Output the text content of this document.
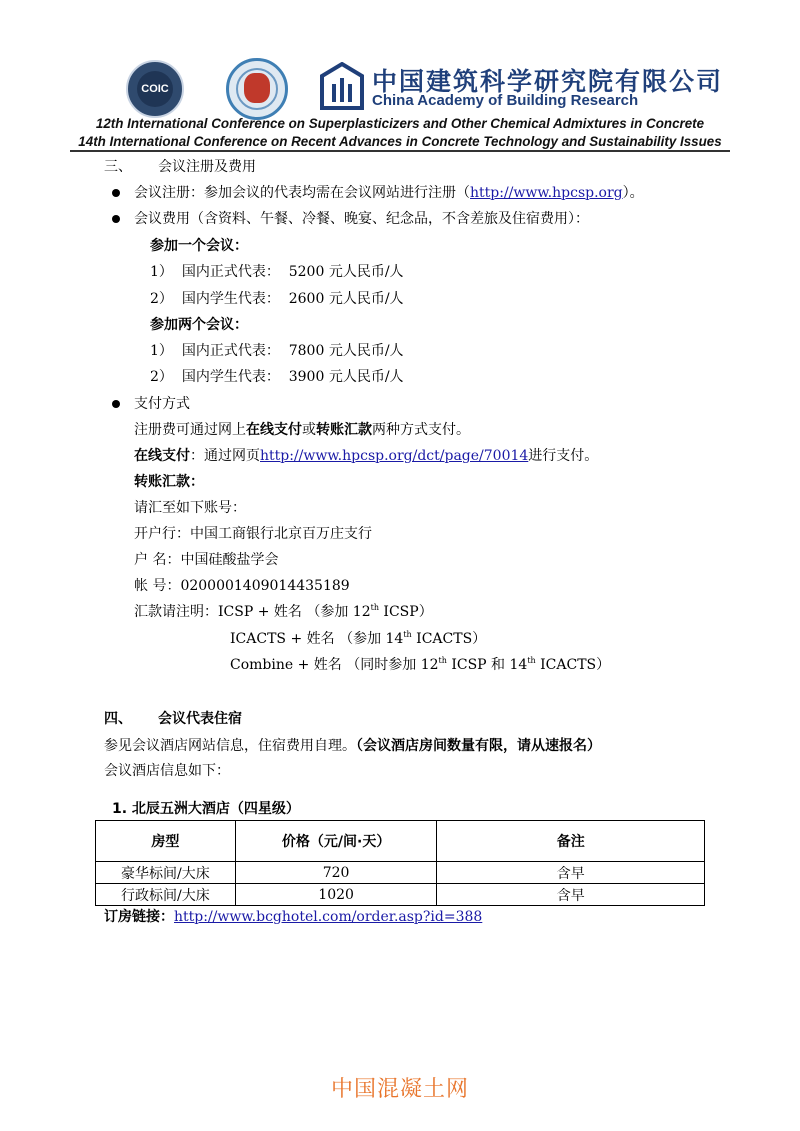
COIC	中国建筑科学研究院有限公司
China Academy of Building Research
12th International Conference on Superplasticizers and Other Chemical Admixtures in Concrete
14th International Conference on Recent Advances in Concrete Technology and Sustainability Issues
三、 会议注册及费用
会议注册：参加会议的代表均需在会议网站进行注册（http://www.hpcsp.org）。
会议费用（含资料、午餐、冷餐、晚宴、纪念品，不含差旅及住宿费用）：
参加一个会议：
1） 国内正式代表： 5200 元人民币/人
2） 国内学生代表： 2600 元人民币/人
参加两个会议：
1） 国内正式代表： 7800 元人民币/人
2） 国内学生代表： 3900 元人民币/人
支付方式
注册费可通过网上在线支付或转账汇款两种方式支付。
在线支付：通过网页http://www.hpcsp.org/dct/page/70014进行支付。
转账汇款：
请汇至如下账号：
开户行：中国工商银行北京百万庄支行
户 名：中国硅酸盐学会
帐 号：0200001409014435189
汇款请注明：ICSP + 姓名 （参加 12th ICSP）
ICACTS + 姓名 （参加 14th ICACTS）
Combine + 姓名 （同时参加 12th ICSP 和 14th ICACTS）
四、 会议代表住宿
参见会议酒店网站信息，住宿费用自理。（会议酒店房间数量有限，请从速报名）
会议酒店信息如下：
1. 北辰五洲大酒店（四星级）
房型	价格（元/间·天）	备注
豪华标间/大床	720	含早
行政标间/大床	1020	含早
订房链接：http://www.bcghotel.com/order.asp?id=388
中国混凝土网
